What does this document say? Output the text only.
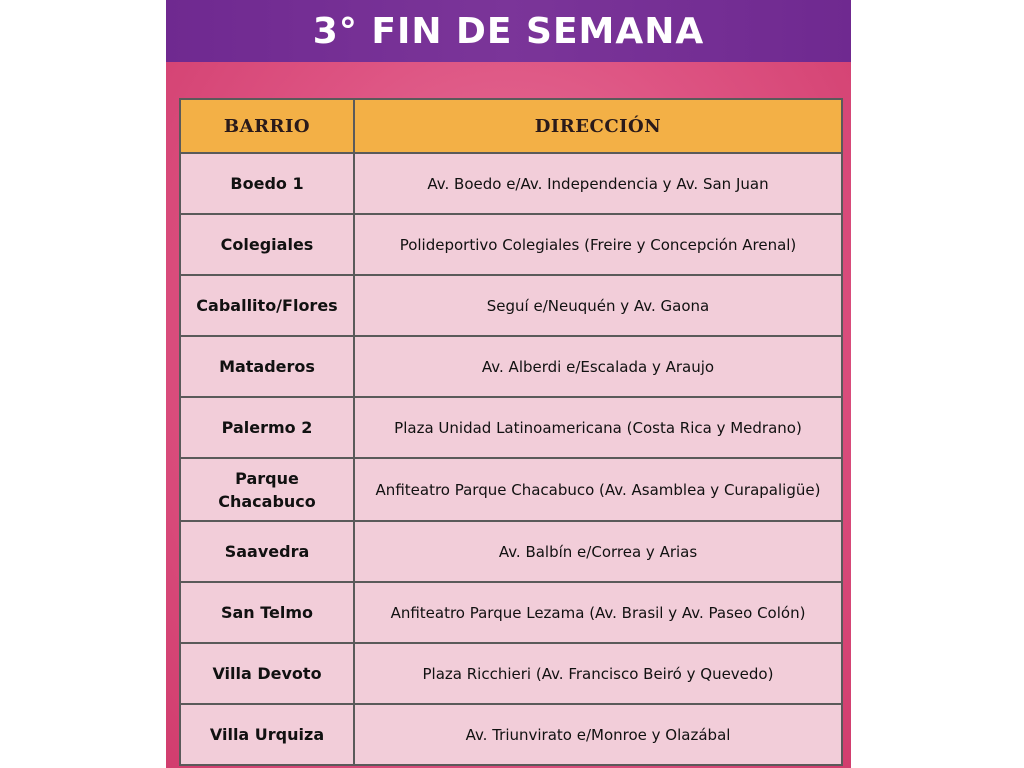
3° FIN DE SEMANA
BARRIO	DIRECCIÓN
Boedo 1	Av. Boedo e/Av. Independencia y Av. San Juan
Colegiales	Polideportivo Colegiales (Freire y Concepción Arenal)
Caballito/Flores	Seguí e/Neuquén y Av. Gaona
Mataderos	Av. Alberdi e/Escalada y Araujo
Palermo 2	Plaza Unidad Latinoamericana (Costa Rica y Medrano)
Parque Chacabuco	Anfiteatro Parque Chacabuco (Av. Asamblea y Curapaligüe)
Saavedra	Av. Balbín e/Correa y Arias
San Telmo	Anfiteatro Parque Lezama (Av. Brasil y Av. Paseo Colón)
Villa Devoto	Plaza Ricchieri (Av. Francisco Beiró y Quevedo)
Villa Urquiza	Av. Triunvirato e/Monroe y Olazábal
